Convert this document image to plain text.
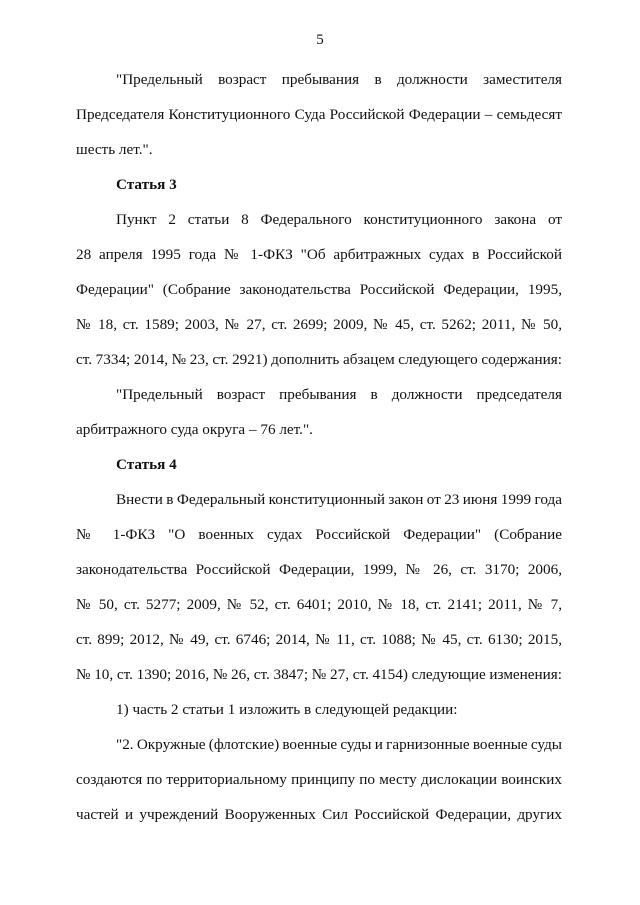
5
"Предельный возраст пребывания в должности заместителя
Председателя Конституционного Суда Российской Федерации – семьдесят
шесть лет.".
Статья 3
Пункт 2 статьи 8 Федерального конституционного закона от
28 апреля 1995 года № 1-ФКЗ "Об арбитражных судах в Российской
Федерации" (Собрание законодательства Российской Федерации, 1995,
№ 18, ст. 1589; 2003, № 27, ст. 2699; 2009, № 45, ст. 5262; 2011, № 50,
ст. 7334; 2014, № 23, ст. 2921) дополнить абзацем следующего содержания:
"Предельный возраст пребывания в должности председателя
арбитражного суда округа – 76 лет.".
Статья 4
Внести в Федеральный конституционный закон от 23 июня 1999 года
№ 1-ФКЗ "О военных судах Российской Федерации" (Собрание
законодательства Российской Федерации, 1999, № 26, ст. 3170; 2006,
№ 50, ст. 5277; 2009, № 52, ст. 6401; 2010, № 18, ст. 2141; 2011, № 7,
ст. 899; 2012, № 49, ст. 6746; 2014, № 11, ст. 1088; № 45, ст. 6130; 2015,
№ 10, ст. 1390; 2016, № 26, ст. 3847; № 27, ст. 4154) следующие изменения:
1) часть 2 статьи 1 изложить в следующей редакции:
"2. Окружные (флотские) военные суды и гарнизонные военные суды
создаются по территориальному принципу по месту дислокации воинских
частей и учреждений Вооруженных Сил Российской Федерации, других
